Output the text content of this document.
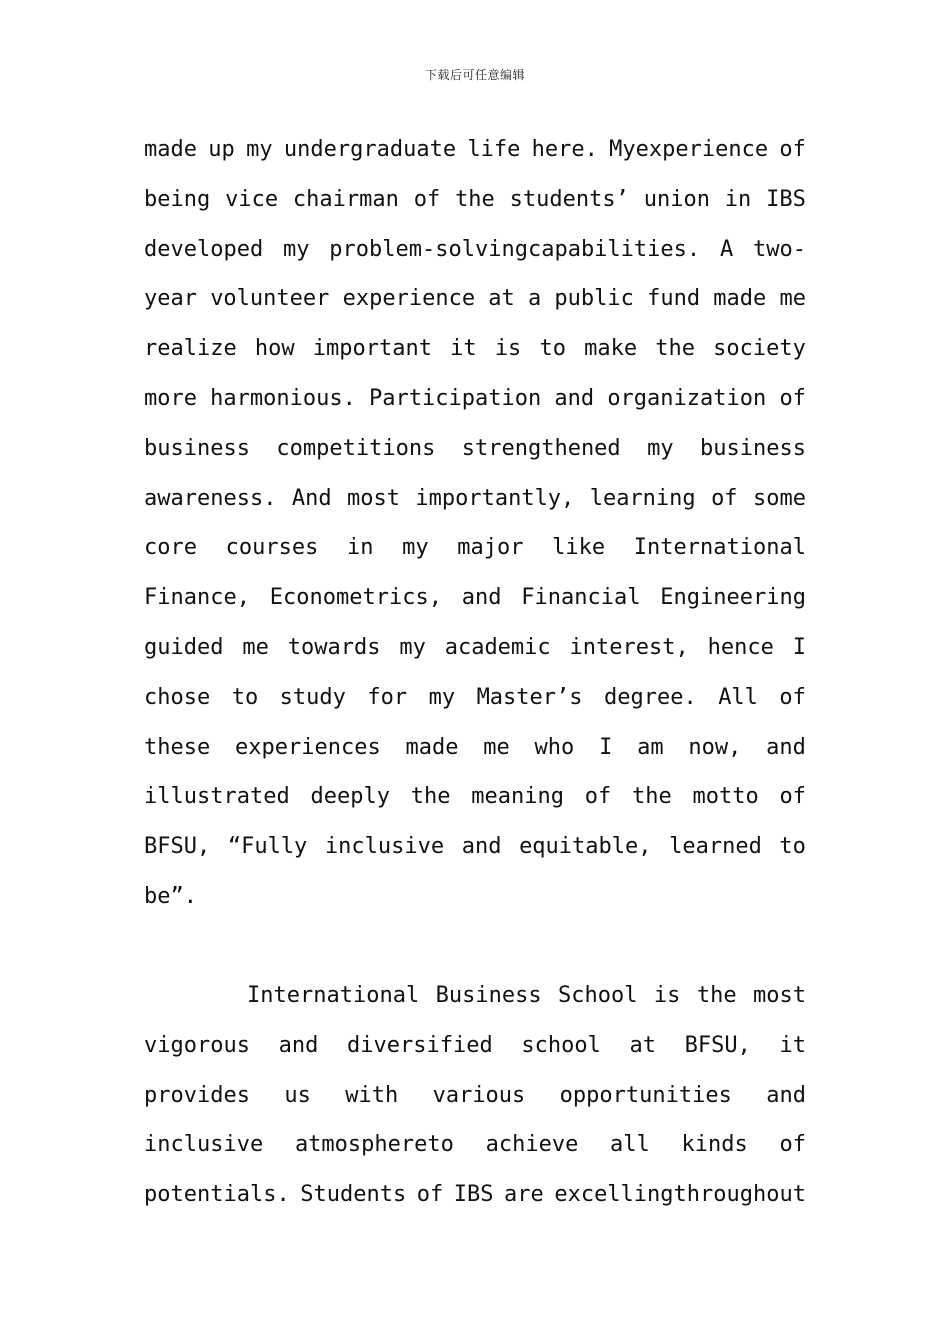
下载后可任意编辑
made up my undergraduate life here. Myexperience of
being vice chairman of the students’ union in IBS
developed my problem-solvingcapabilities. A two-
year volunteer experience at a public fund made me
realize how important it is to make the society
more harmonious. Participation and organization of
business competitions strengthened my business
awareness. And most importantly, learning of some
core courses in my major like International
Finance, Econometrics, and Financial Engineering
guided me towards my academic interest, hence I
chose to study for my Master’s degree. All of
these experiences made me who I am now, and
illustrated deeply the meaning of the motto of
BFSU, “Fully inclusive and equitable, learned to
be”.
International Business School is the most
vigorous and diversified school at BFSU, it
provides us with various opportunities and
inclusive atmosphereto achieve all kinds of
potentials. Students of IBS are excellingthroughout
